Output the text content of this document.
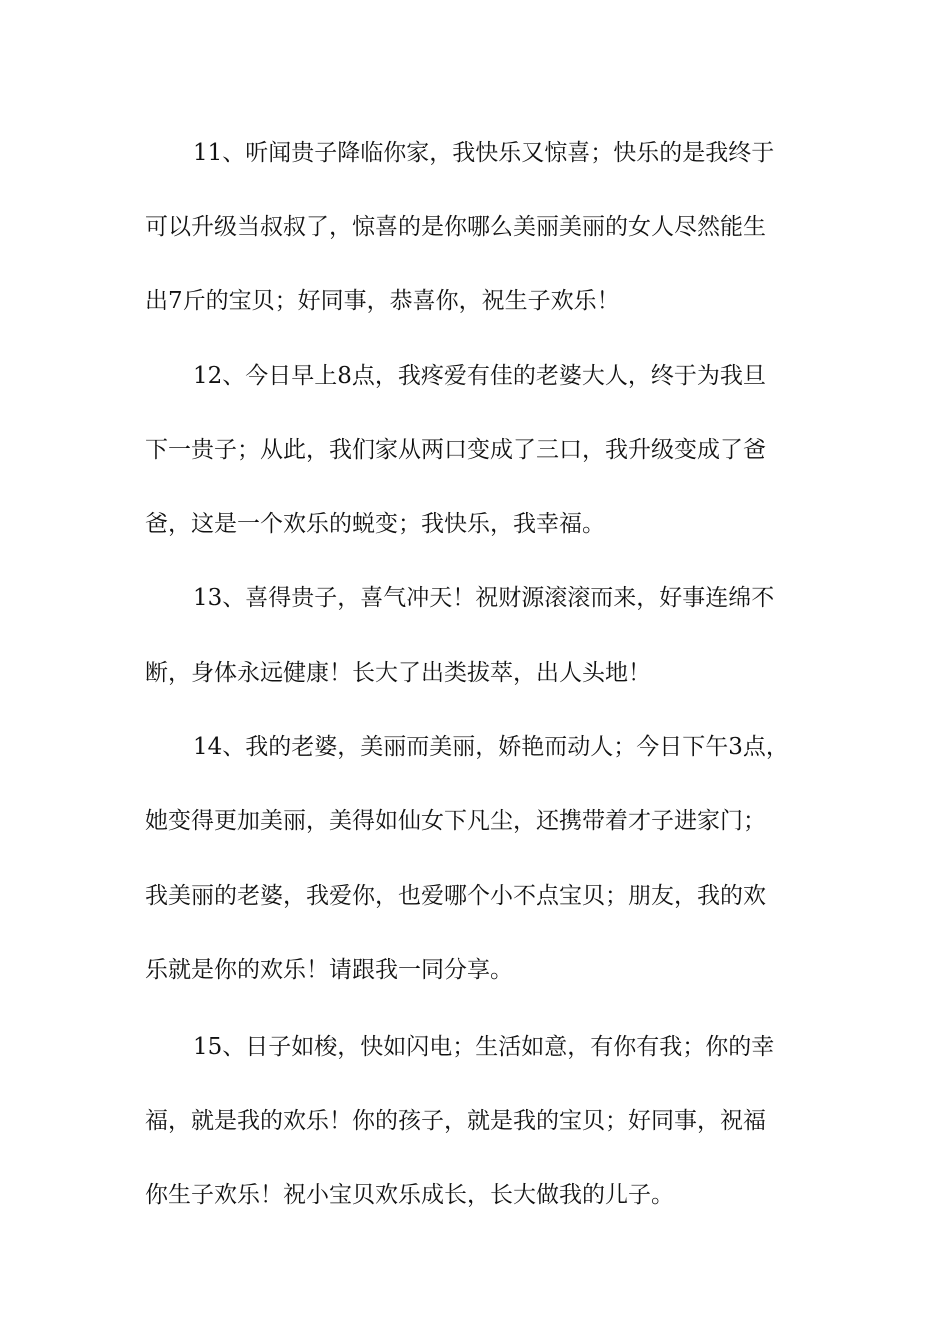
11、听闻贵子降临你家，我快乐又惊喜；快乐的是我终于
可以升级当叔叔了，惊喜的是你哪么美丽美丽的女人尽然能生
出7斤的宝贝；好同事，恭喜你，祝生子欢乐！
12、今日早上8点，我疼爱有佳的老婆大人，终于为我旦
下一贵子；从此，我们家从两口变成了三口，我升级变成了爸
爸，这是一个欢乐的蜕变；我快乐，我幸福。
13、喜得贵子，喜气冲天！祝财源滚滚而来，好事连绵不
断，身体永远健康！长大了出类拔萃，出人头地！
14、我的老婆，美丽而美丽，娇艳而动人；今日下午3点，
她变得更加美丽，美得如仙女下凡尘，还携带着才子进家门；
我美丽的老婆，我爱你，也爱哪个小不点宝贝；朋友，我的欢
乐就是你的欢乐！请跟我一同分享。
15、日子如梭，快如闪电；生活如意，有你有我；你的幸
福，就是我的欢乐！你的孩子，就是我的宝贝；好同事，祝福
你生子欢乐！祝小宝贝欢乐成长，长大做我的儿子。
